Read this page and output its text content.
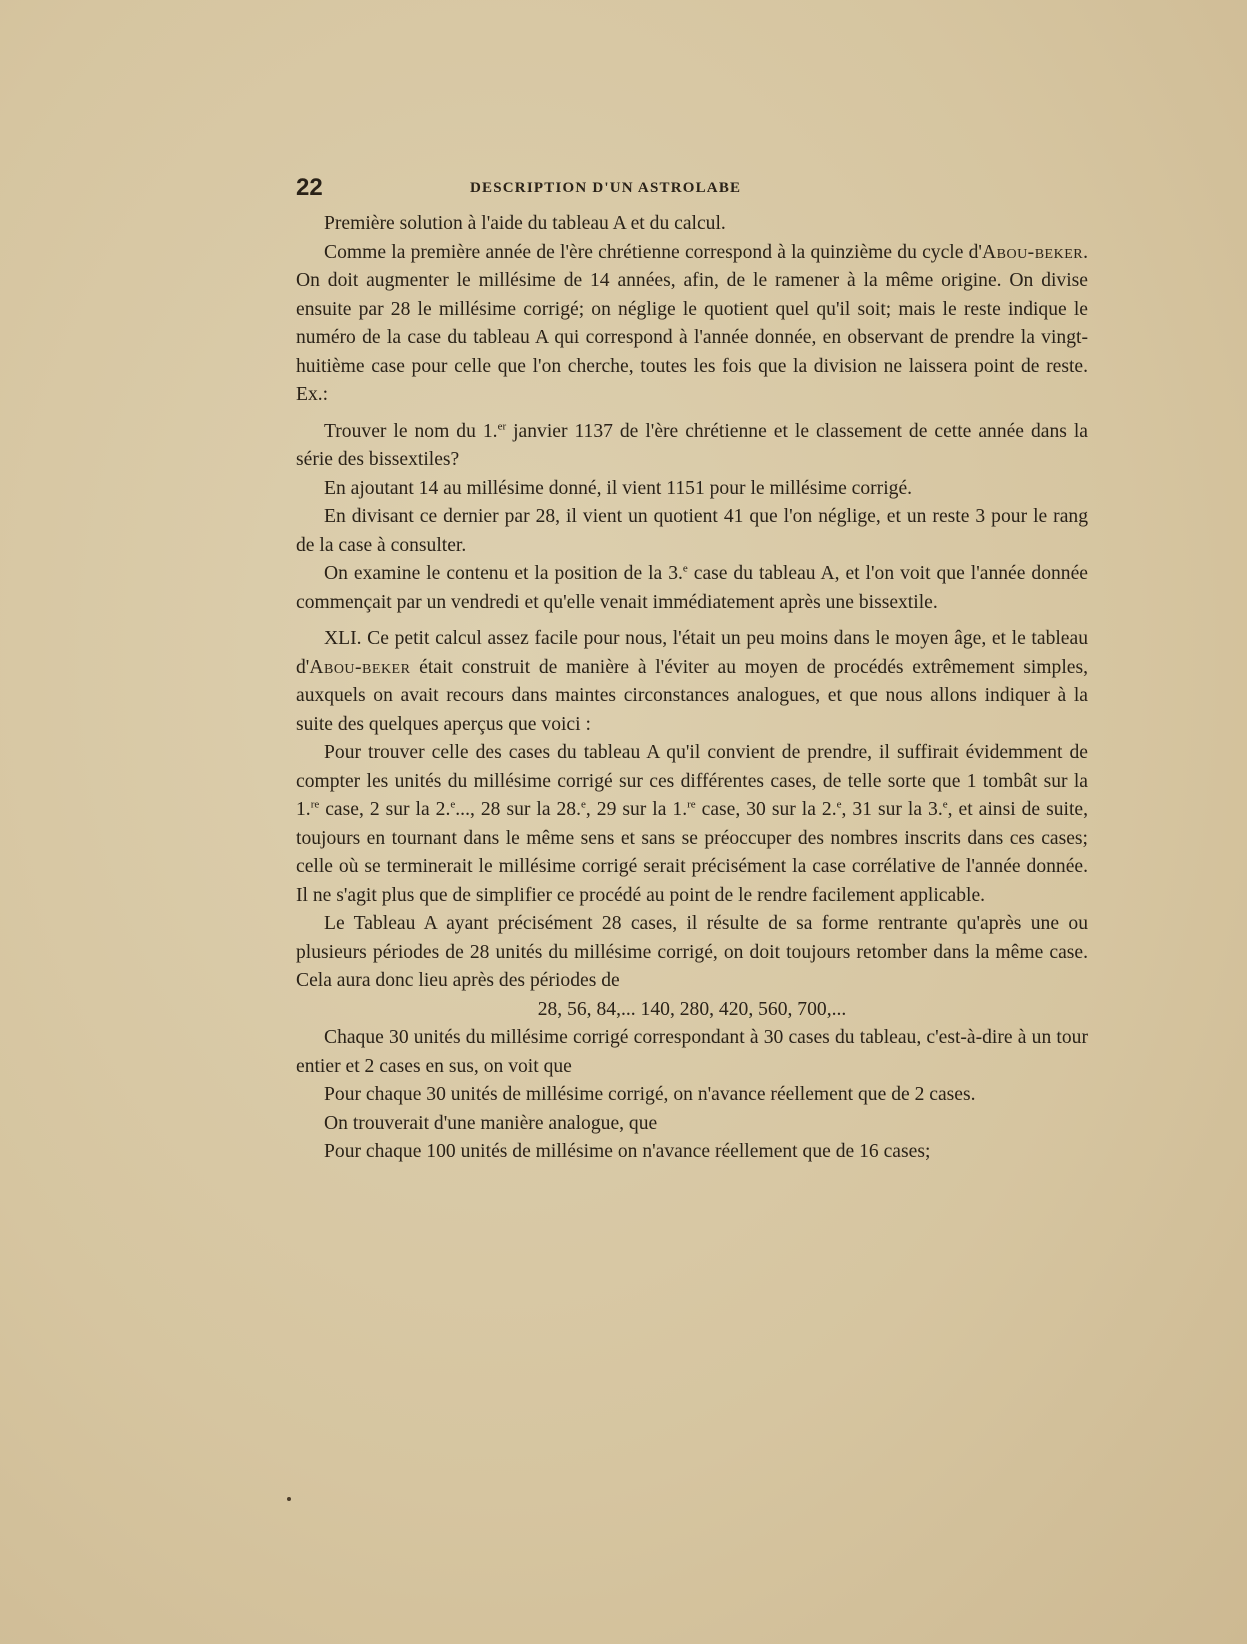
22	DESCRIPTION D'UN ASTROLABE

Première solution à l'aide du tableau A et du calcul.

Comme la première année de l'ère chrétienne correspond à la quinzième du cycle d'Abou-beker. On doit augmenter le millésime de 14 années, afin, de le ramener à la même origine. On divise ensuite par 28 le millésime corrigé; on néglige le quotient quel qu'il soit; mais le reste indique le numéro de la case du tableau A qui correspond à l'année donnée, en observant de prendre la vingt-huitième case pour celle que l'on cherche, toutes les fois que la division ne laissera point de reste. Ex.:

Trouver le nom du 1.$^{er}$ janvier 1137 de l'ère chrétienne et le classement de cette année dans la série des bissextiles?

En ajoutant 14 au millésime donné, il vient 1151 pour le millésime corrigé.

En divisant ce dernier par 28, il vient un quotient 41 que l'on néglige, et un reste 3 pour le rang de la case à consulter.

On examine le contenu et la position de la 3.$^e$ case du tableau A, et l'on voit que l'année donnée commençait par un vendredi et qu'elle venait immédiatement après une bissextile.

XLI. Ce petit calcul assez facile pour nous, l'était un peu moins dans le moyen âge, et le tableau d'Abou-beker était construit de manière à l'éviter au moyen de procédés extrêmement simples, auxquels on avait recours dans maintes circonstances analogues, et que nous allons indiquer à la suite des quelques aperçus que voici :

Pour trouver celle des cases du tableau A qu'il convient de prendre, il suffirait évidemment de compter les unités du millésime corrigé sur ces différentes cases, de telle sorte que 1 tombât sur la 1.$^{re}$ case, 2 sur la 2.$^e$..., 28 sur la 28.$^e$, 29 sur la 1.$^{re}$ case, 30 sur la 2.$^e$, 31 sur la 3.$^e$, et ainsi de suite, toujours en tournant dans le même sens et sans se préoccuper des nombres inscrits dans ces cases; celle où se terminerait le millésime corrigé serait précisément la case corrélative de l'année donnée. Il ne s'agit plus que de simplifier ce procédé au point de le rendre facilement applicable.

Le Tableau A ayant précisément 28 cases, il résulte de sa forme rentrante qu'après une ou plusieurs périodes de 28 unités du millésime corrigé, on doit toujours retomber dans la même case. Cela aura donc lieu après des périodes de

28, 56, 84,... 140, 280, 420, 560, 700,...

Chaque 30 unités du millésime corrigé correspondant à 30 cases du tableau, c'est-à-dire à un tour entier et 2 cases en sus, on voit que

Pour chaque 30 unités de millésime corrigé, on n'avance réellement que de 2 cases.

On trouverait d'une manière analogue, que

Pour chaque 100 unités de millésime on n'avance réellement que de 16 cases;
